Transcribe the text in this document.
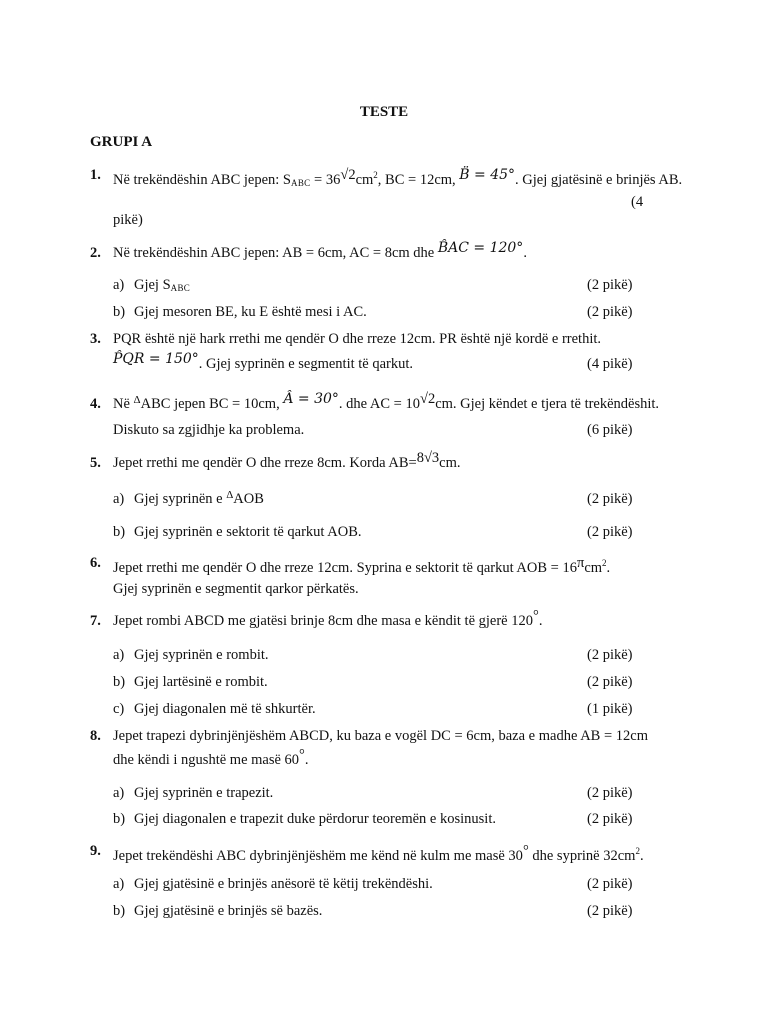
TESTE
GRUPI A
1. Në trekëndëshin ABC jepen: $S_{ABC} = 36√2cm^2$, BC = 12cm, B̈ = 45°. Gjej gjatësinë e brinjës AB.
(4
pikë)
2. Në trekëndëshin ABC jepen: AB = 6cm, AC = 8cm dhe B̂AC = 120°.
a) Gjej $S_{ABC}$	(2 pikë)
b) Gjej mesoren BE, ku E është mesi i AC.	(2 pikë)
3. PQR është një hark rrethi me qendër O dhe rreze 12cm. PR është një kordë e rrethit.
P̂QR = 150°. Gjej syprinën e segmentit të qarkut.	(4 pikë)
4. Në $^\Delta$ABC jepen BC = 10cm, Â = 30°. dhe AC = 10√2cm. Gjej këndet e tjera të trekëndëshit.
Diskuto sa zgjidhje ka problema.	(6 pikë)
5. Jepet rrethi me qendër O dhe rreze 8cm. Korda AB=8√3cm.
a) Gjej syprinën e $^\Delta$AOB	(2 pikë)
b) Gjej syprinën e sektorit të qarkut AOB.	(2 pikë)
6. Jepet rrethi me qendër O dhe rreze 12cm. Syprina e sektorit të qarkut AOB = 16πcm$^2$.
Gjej syprinën e segmentit qarkor përkatës.
7. Jepet rombi ABCD me gjatësi brinje 8cm dhe masa e këndit të gjerë 120°.
a) Gjej syprinën e rombit.	(2 pikë)
b) Gjej lartësinë e rombit.	(2 pikë)
c) Gjej diagonalen më të shkurtër.	(1 pikë)
8. Jepet trapezi dybrinjënjëshëm ABCD, ku baza e vogël DC = 6cm, baza e madhe AB = 12cm
dhe këndi i ngushtë me masë 60°.
a) Gjej syprinën e trapezit.	(2 pikë)
b) Gjej diagonalen e trapezit duke përdorur teoremën e kosinusit.	(2 pikë)
9. Jepet trekëndëshi ABC dybrinjënjëshëm me kënd në kulm me masë 30° dhe syprinë $32cm^2$.
a) Gjej gjatësinë e brinjës anësorë të këtij trekëndëshi.	(2 pikë)
b) Gjej gjatësinë e brinjës së bazës.	(2 pikë)
